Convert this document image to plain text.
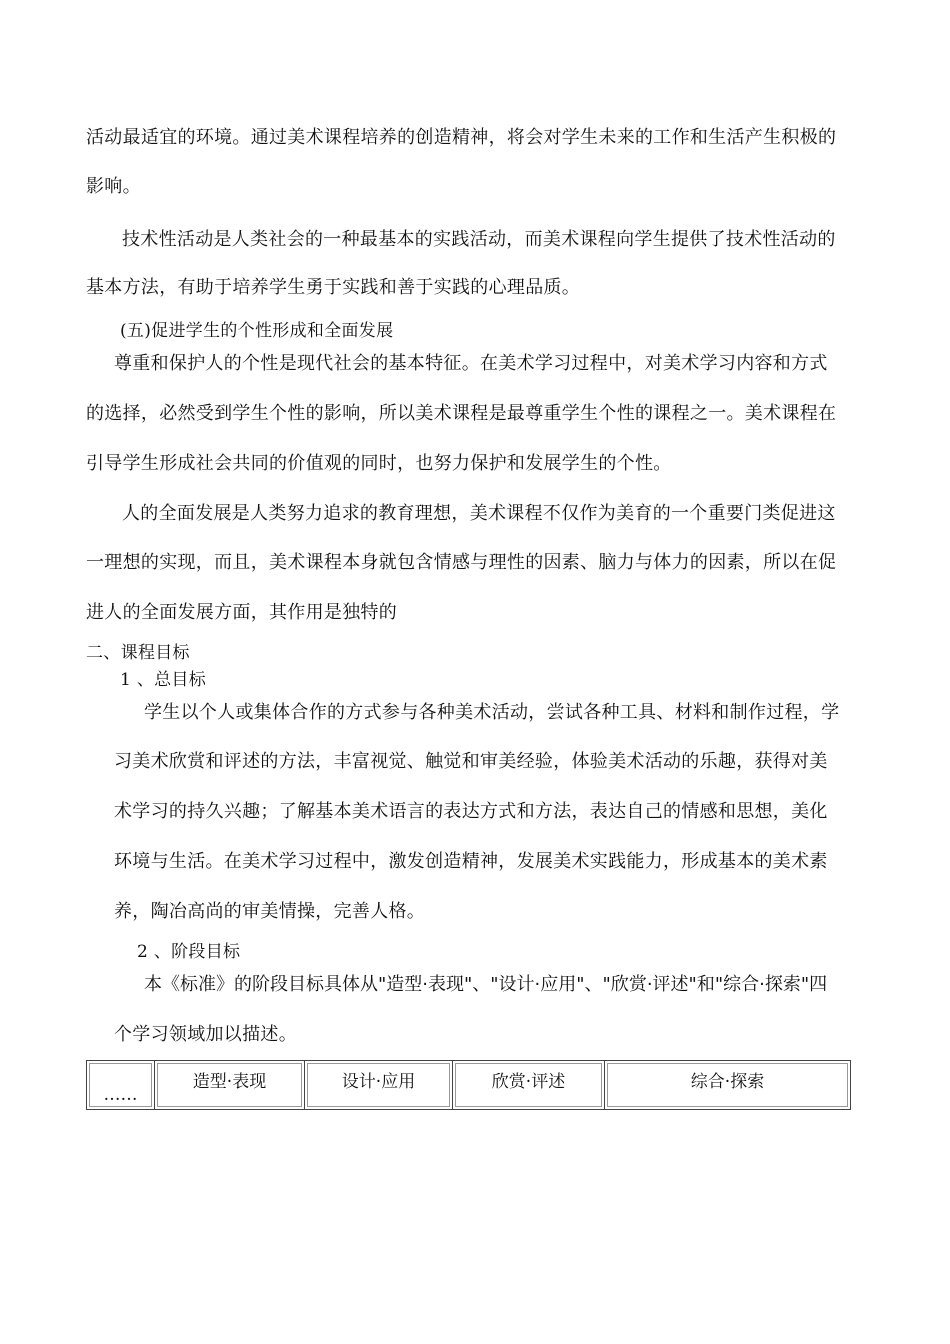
活动最适宜的环境。通过美术课程培养的创造精神，将会对学生未来的工作和生活产生积极的
影响。
技术性活动是人类社会的一种最基本的实践活动，而美术课程向学生提供了技术性活动的
基本方法，有助于培养学生勇于实践和善于实践的心理品质。
(五)促进学生的个性形成和全面发展
尊重和保护人的个性是现代社会的基本特征。在美术学习过程中，对美术学习内容和方式
的选择，必然受到学生个性的影响，所以美术课程是最尊重学生个性的课程之一。美术课程在
引导学生形成社会共同的价值观的同时，也努力保护和发展学生的个性。
人的全面发展是人类努力追求的教育理想，美术课程不仅作为美育的一个重要门类促进这
一理想的实现，而且，美术课程本身就包含情感与理性的因素、脑力与体力的因素，所以在促
进人的全面发展方面，其作用是独特的
二、课程目标
1 、总目标
学生以个人或集体合作的方式参与各种美术活动，尝试各种工具、材料和制作过程，学
习美术欣赏和评述的方法，丰富视觉、触觉和审美经验，体验美术活动的乐趣，获得对美
术学习的持久兴趣；了解基本美术语言的表达方式和方法，表达自己的情感和思想，美化
环境与生活。在美术学习过程中，激发创造精神，发展美术实践能力，形成基本的美术素
养，陶冶高尚的审美情操，完善人格。
2 、阶段目标
本《标准》的阶段目标具体从"造型·表现"、"设计·应用"、"欣赏·评述"和"综合·探索"四
个学习领域加以描述。
……	造型·表现	设计·应用	欣赏·评述	综合·探索
